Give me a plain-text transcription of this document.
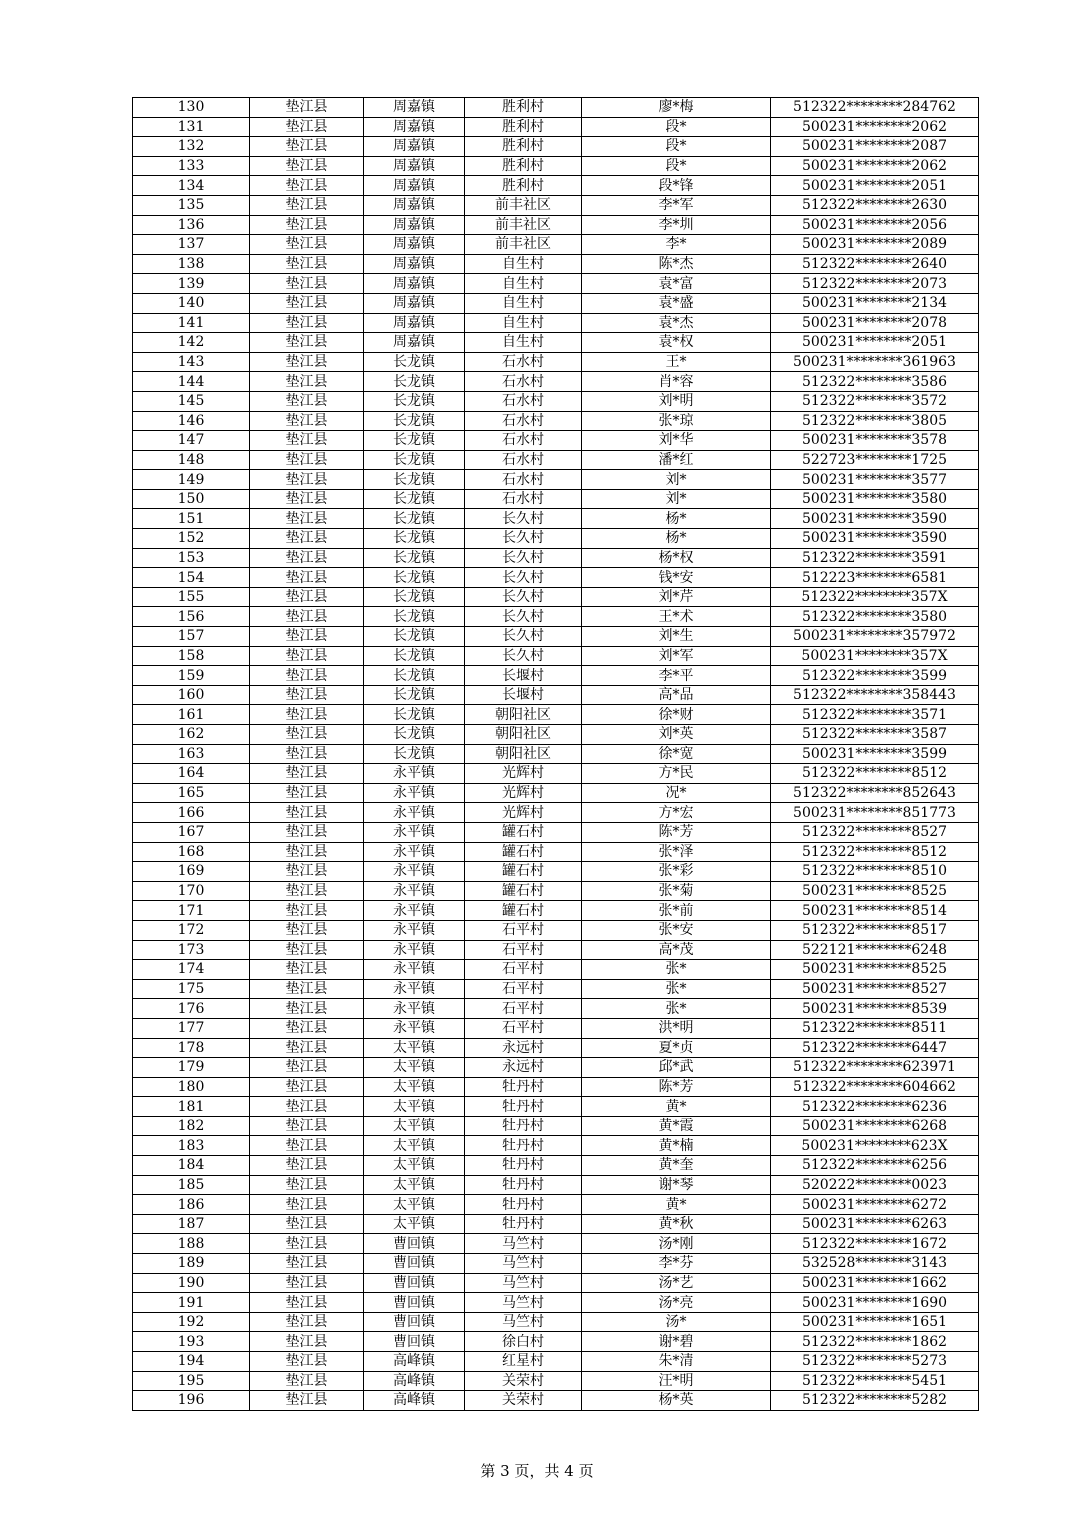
130	垫江县	周嘉镇	胜利村	廖*梅	512322********284762
131	垫江县	周嘉镇	胜利村	段*	500231********2062
132	垫江县	周嘉镇	胜利村	段*	500231********2087
133	垫江县	周嘉镇	胜利村	段*	500231********2062
134	垫江县	周嘉镇	胜利村	段*锋	500231********2051
135	垫江县	周嘉镇	前丰社区	李*军	512322********2630
136	垫江县	周嘉镇	前丰社区	李*圳	500231********2056
137	垫江县	周嘉镇	前丰社区	李*	500231********2089
138	垫江县	周嘉镇	自生村	陈*杰	512322********2640
139	垫江县	周嘉镇	自生村	袁*富	512322********2073
140	垫江县	周嘉镇	自生村	袁*盛	500231********2134
141	垫江县	周嘉镇	自生村	袁*杰	500231********2078
142	垫江县	周嘉镇	自生村	袁*权	500231********2051
143	垫江县	长龙镇	石水村	王*	500231********361963
144	垫江县	长龙镇	石水村	肖*容	512322********3586
145	垫江县	长龙镇	石水村	刘*明	512322********3572
146	垫江县	长龙镇	石水村	张*琼	512322********3805
147	垫江县	长龙镇	石水村	刘*华	500231********3578
148	垫江县	长龙镇	石水村	潘*红	522723********1725
149	垫江县	长龙镇	石水村	刘*	500231********3577
150	垫江县	长龙镇	石水村	刘*	500231********3580
151	垫江县	长龙镇	长久村	杨*	500231********3590
152	垫江县	长龙镇	长久村	杨*	500231********3590
153	垫江县	长龙镇	长久村	杨*权	512322********3591
154	垫江县	长龙镇	长久村	钱*安	512223********6581
155	垫江县	长龙镇	长久村	刘*芹	512322********357X
156	垫江县	长龙镇	长久村	王*术	512322********3580
157	垫江县	长龙镇	长久村	刘*生	500231********357972
158	垫江县	长龙镇	长久村	刘*军	500231********357X
159	垫江县	长龙镇	长堰村	李*平	512322********3599
160	垫江县	长龙镇	长堰村	高*品	512322********358443
161	垫江县	长龙镇	朝阳社区	徐*财	512322********3571
162	垫江县	长龙镇	朝阳社区	刘*英	512322********3587
163	垫江县	长龙镇	朝阳社区	徐*宽	500231********3599
164	垫江县	永平镇	光辉村	方*民	512322********8512
165	垫江县	永平镇	光辉村	况*	512322********852643
166	垫江县	永平镇	光辉村	方*宏	500231********851773
167	垫江县	永平镇	罐石村	陈*芳	512322********8527
168	垫江县	永平镇	罐石村	张*泽	512322********8512
169	垫江县	永平镇	罐石村	张*彩	512322********8510
170	垫江县	永平镇	罐石村	张*菊	500231********8525
171	垫江县	永平镇	罐石村	张*前	500231********8514
172	垫江县	永平镇	石平村	张*安	512322********8517
173	垫江县	永平镇	石平村	高*茂	522121********6248
174	垫江县	永平镇	石平村	张*	500231********8525
175	垫江县	永平镇	石平村	张*	500231********8527
176	垫江县	永平镇	石平村	张*	500231********8539
177	垫江县	永平镇	石平村	洪*明	512322********8511
178	垫江县	太平镇	永远村	夏*贞	512322********6447
179	垫江县	太平镇	永远村	邱*武	512322********623971
180	垫江县	太平镇	牡丹村	陈*芳	512322********604662
181	垫江县	太平镇	牡丹村	黄*	512322********6236
182	垫江县	太平镇	牡丹村	黄*霞	500231********6268
183	垫江县	太平镇	牡丹村	黄*楠	500231********623X
184	垫江县	太平镇	牡丹村	黄*奎	512322********6256
185	垫江县	太平镇	牡丹村	谢*琴	520222********0023
186	垫江县	太平镇	牡丹村	黄*	500231********6272
187	垫江县	太平镇	牡丹村	黄*秋	500231********6263
188	垫江县	曹回镇	马竺村	汤*刚	512322********1672
189	垫江县	曹回镇	马竺村	李*芬	532528********3143
190	垫江县	曹回镇	马竺村	汤*艺	500231********1662
191	垫江县	曹回镇	马竺村	汤*亮	500231********1690
192	垫江县	曹回镇	马竺村	汤*	500231********1651
193	垫江县	曹回镇	徐白村	谢*碧	512322********1862
194	垫江县	高峰镇	红星村	朱*清	512322********5273
195	垫江县	高峰镇	关荣村	汪*明	512322********5451
196	垫江县	高峰镇	关荣村	杨*英	512322********5282
第 3 页，共 4 页
